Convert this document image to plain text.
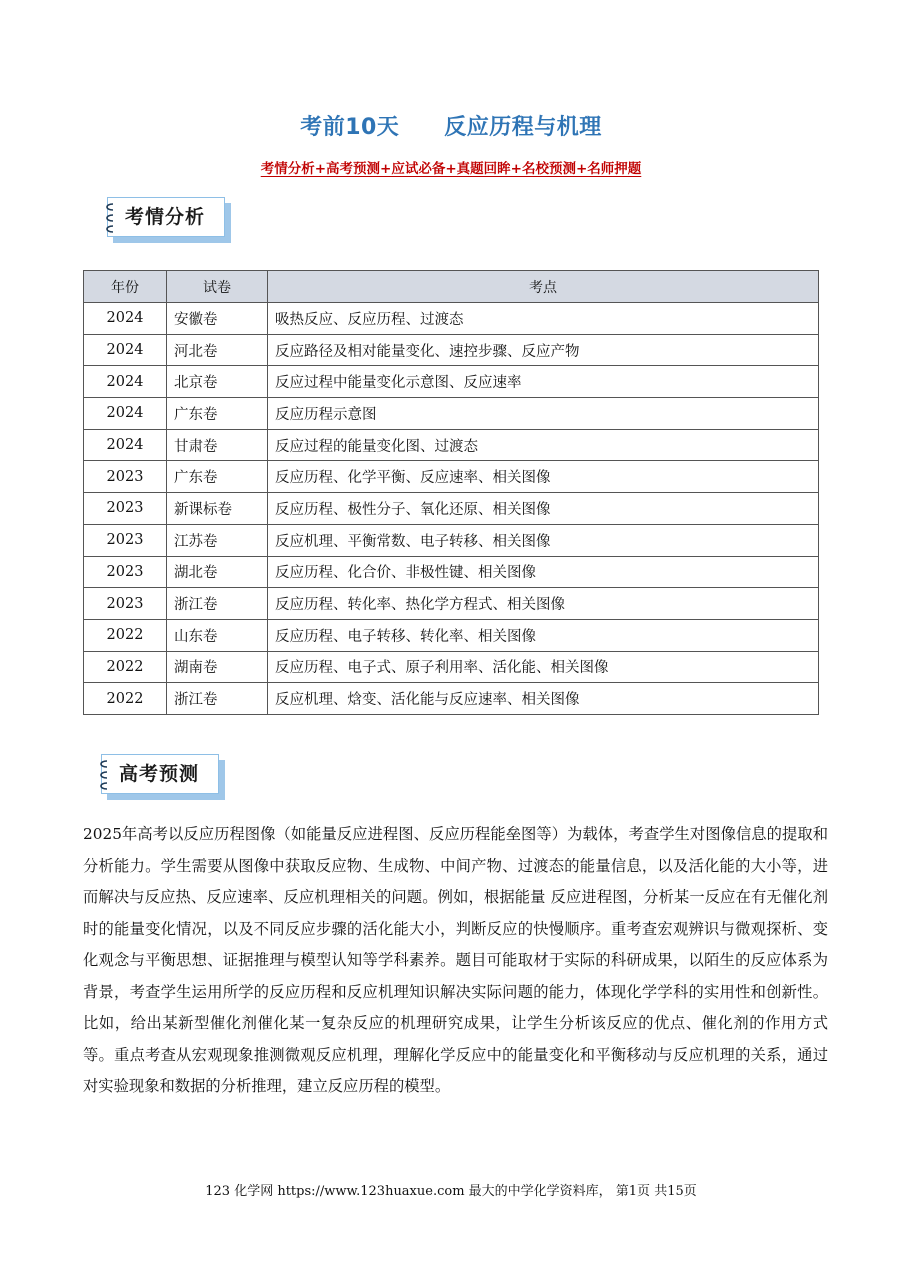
考前10天　　反应历程与机理
考情分析+高考预测+应试必备+真题回眸+名校预测+名师押题
考情分析
年份	试卷	考点
2024	安徽卷	吸热反应、反应历程、过渡态
2024	河北卷	反应路径及相对能量变化、速控步骤、反应产物
2024	北京卷	反应过程中能量变化示意图、反应速率
2024	广东卷	反应历程示意图
2024	甘肃卷	反应过程的能量变化图、过渡态
2023	广东卷	反应历程、化学平衡、反应速率、相关图像
2023	新课标卷	反应历程、极性分子、氧化还原、相关图像
2023	江苏卷	反应机理、平衡常数、电子转移、相关图像
2023	湖北卷	反应历程、化合价、非极性键、相关图像
2023	浙江卷	反应历程、转化率、热化学方程式、相关图像
2022	山东卷	反应历程、电子转移、转化率、相关图像
2022	湖南卷	反应历程、电子式、原子利用率、活化能、相关图像
2022	浙江卷	反应机理、焓变、活化能与反应速率、相关图像
高考预测
2025年高考以反应历程图像（如能量反应进程图、反应历程能垒图等）为载体，考查学生对图像信息的提取和分析能力。学生需要从图像中获取反应物、生成物、中间产物、过渡态的能量信息，以及活化能的大小等，进而解决与反应热、反应速率、反应机理相关的问题。例如，根据能量 反应进程图，分析某一反应在有无催化剂时的能量变化情况，以及不同反应步骤的活化能大小，判断反应的快慢顺序。重考查宏观辨识与微观探析、变化观念与平衡思想、证据推理与模型认知等学科素养。题目可能取材于实际的科研成果，以陌生的反应体系为背景，考查学生运用所学的反应历程和反应机理知识解决实际问题的能力，体现化学学科的实用性和创新性。比如，给出某新型催化剂催化某一复杂反应的机理研究成果，让学生分析该反应的优点、催化剂的作用方式等。重点考查从宏观现象推测微观反应机理，理解化学反应中的能量变化和平衡移动与反应机理的关系，通过对实验现象和数据的分析推理，建立反应历程的模型。
123 化学网 https://www.123huaxue.com 最大的中学化学资料库， 第1页 共15页
